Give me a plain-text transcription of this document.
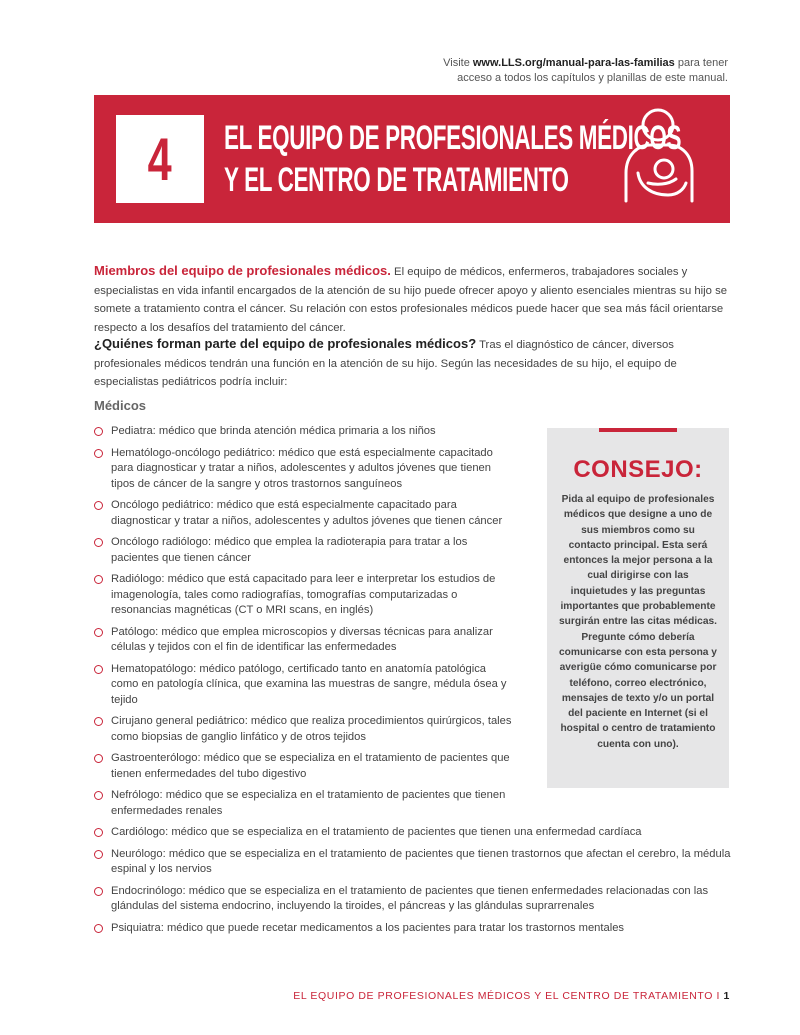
Visite www.LLS.org/manual-para-las-familias para tener
acceso a todos los capítulos y planillas de este manual.
4 EL EQUIPO DE PROFESIONALES MÉDICOS
Y EL CENTRO DE TRATAMIENTO
Miembros del equipo de profesionales médicos. El equipo de médicos, enfermeros, trabajadores sociales y especialistas en vida infantil encargados de la atención de su hijo puede ofrecer apoyo y aliento esenciales mientras su hijo se somete a tratamiento contra el cáncer. Su relación con estos profesionales médicos puede hacer que sea más fácil orientarse respecto a los desafíos del tratamiento del cáncer.
¿Quiénes forman parte del equipo de profesionales médicos? Tras el diagnóstico de cáncer, diversos profesionales médicos tendrán una función en la atención de su hijo. Según las necesidades de su hijo, el equipo de especialistas pediátricos podría incluir:
Médicos
Pediatra: médico que brinda atención médica primaria a los niños
Hematólogo-oncólogo pediátrico: médico que está especialmente capacitado para diagnosticar y tratar a niños, adolescentes y adultos jóvenes que tienen tipos de cáncer de la sangre y otros trastornos sanguíneos
Oncólogo pediátrico: médico que está especialmente capacitado para diagnosticar y tratar a niños, adolescentes y adultos jóvenes que tienen cáncer
Oncólogo radiólogo: médico que emplea la radioterapia para tratar a los pacientes que tienen cáncer
Radiólogo: médico que está capacitado para leer e interpretar los estudios de imagenología, tales como radiografías, tomografías computarizadas o resonancias magnéticas (CT o MRI scans, en inglés)
Patólogo: médico que emplea microscopios y diversas técnicas para analizar células y tejidos con el fin de identificar las enfermedades
Hematopatólogo: médico patólogo, certificado tanto en anatomía patológica como en patología clínica, que examina las muestras de sangre, médula ósea y tejido
Cirujano general pediátrico: médico que realiza procedimientos quirúrgicos, tales como biopsias de ganglio linfático y de otros tejidos
Gastroenterólogo: médico que se especializa en el tratamiento de pacientes que tienen enfermedades del tubo digestivo
Nefrólogo: médico que se especializa en el tratamiento de pacientes que tienen enfermedades renales
Cardiólogo: médico que se especializa en el tratamiento de pacientes que tienen una enfermedad cardíaca
Neurólogo: médico que se especializa en el tratamiento de pacientes que tienen trastornos que afectan el cerebro, la médula espinal y los nervios
Endocrinólogo: médico que se especializa en el tratamiento de pacientes que tienen enfermedades relacionadas con las glándulas del sistema endocrino, incluyendo la tiroides, el páncreas y las glándulas suprarrenales
Psiquiatra: médico que puede recetar medicamentos a los pacientes para tratar los trastornos mentales
CONSEJO:
Pida al equipo de profesionales médicos que designe a uno de sus miembros como su contacto principal. Esta será entonces la mejor persona a la cual dirigirse con las inquietudes y las preguntas importantes que probablemente surgirán entre las citas médicas. Pregunte cómo debería comunicarse con esta persona y averigüe cómo comunicarse por teléfono, correo electrónico, mensajes de texto y/o un portal del paciente en Internet (si el hospital o centro de tratamiento cuenta con uno).
EL EQUIPO DE PROFESIONALES MÉDICOS Y EL CENTRO DE TRATAMIENTO I 1
